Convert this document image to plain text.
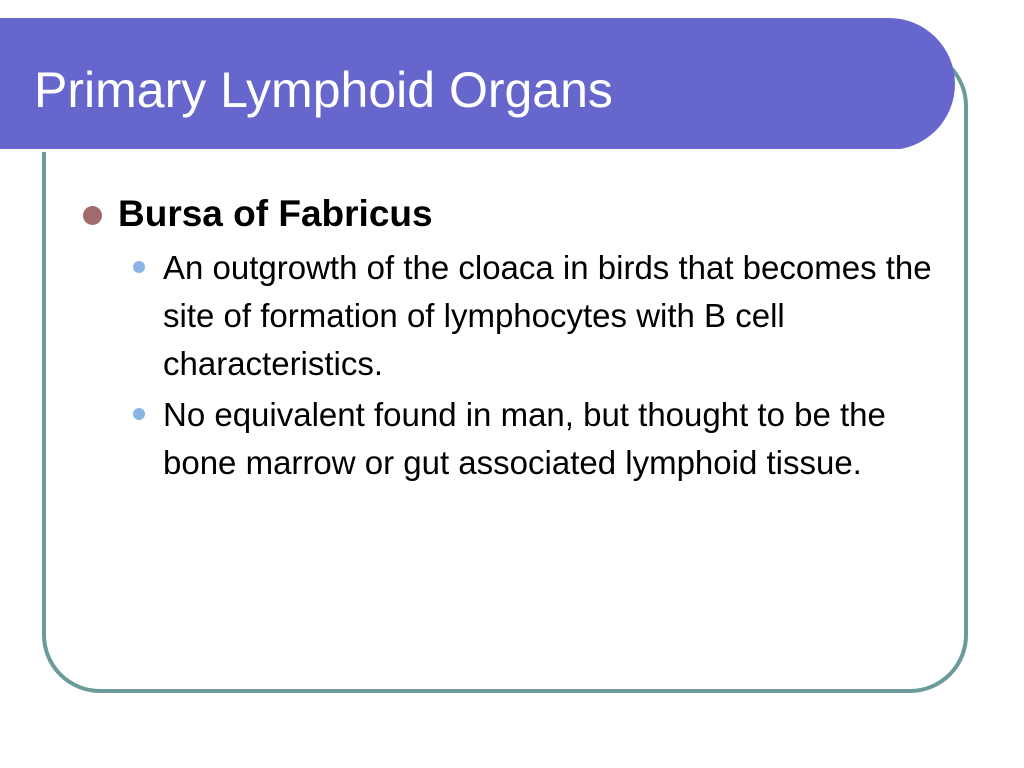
Primary Lymphoid Organs
Bursa of Fabricus
An outgrowth of the cloaca in birds that becomes the site of formation of lymphocytes with B cell characteristics.
No equivalent found in man, but thought to be the bone marrow or gut associated lymphoid tissue.
